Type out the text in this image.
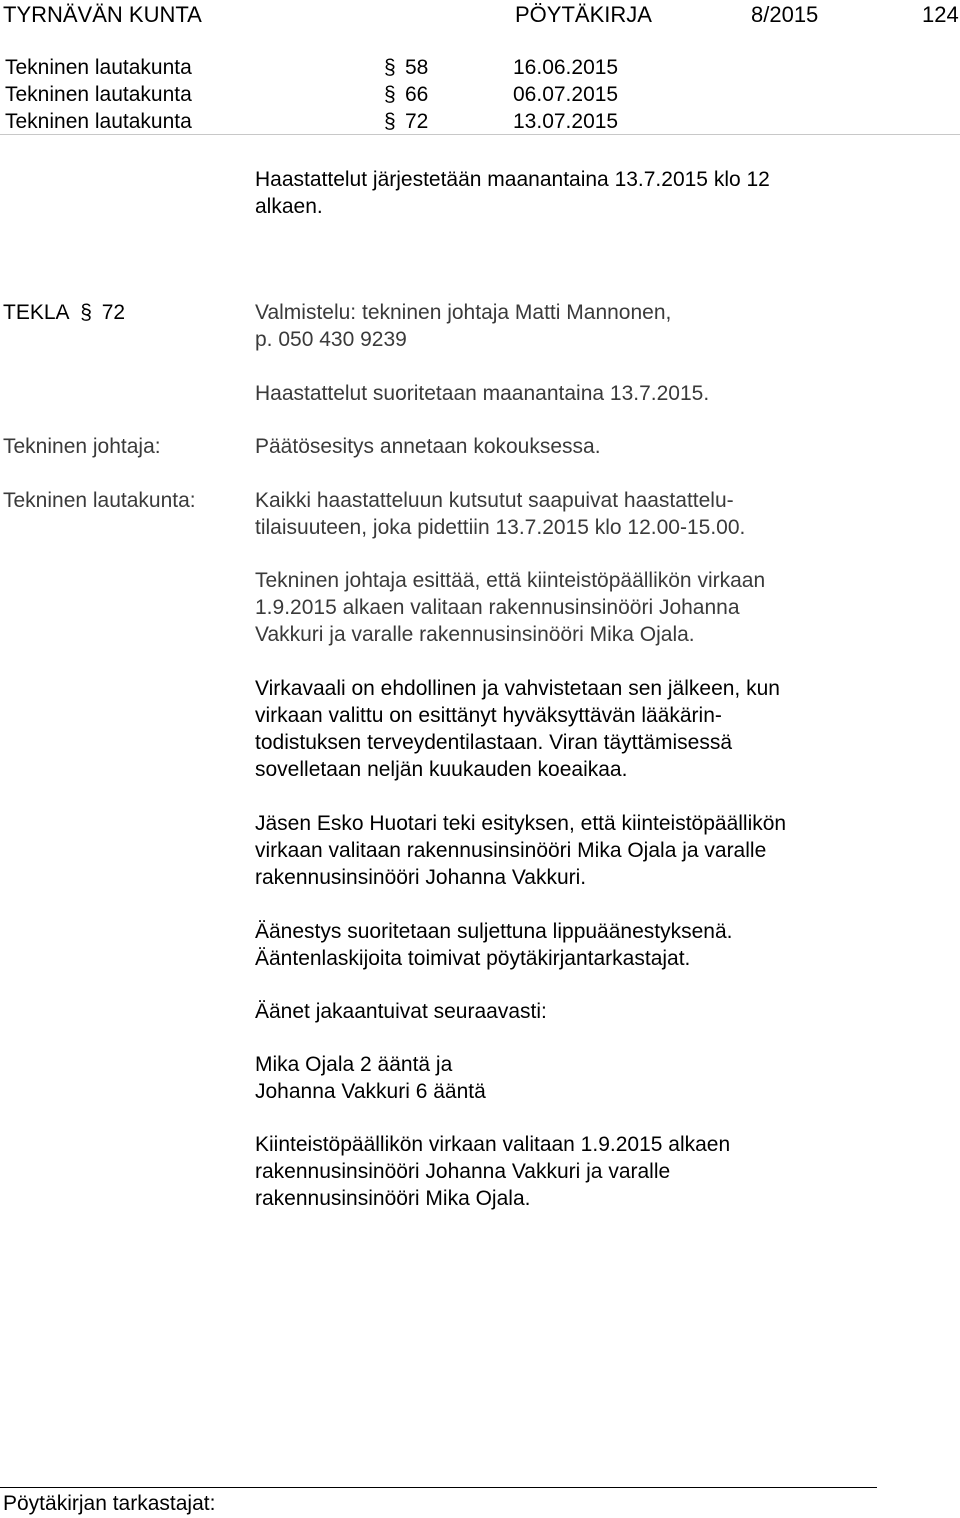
TYRNÄVÄN KUNTA	PÖYTÄKIRJA	8/2015	124
Tekninen lautakunta	§ 58	16.06.2015
Tekninen lautakunta	§ 66	06.07.2015
Tekninen lautakunta	§ 72	13.07.2015
Haastattelut järjestetään maanantaina 13.7.2015 klo 12
alkaen.
TEKLA § 72	Valmistelu: tekninen johtaja Matti Mannonen,
p. 050 430 9239
Haastattelut suoritetaan maanantaina 13.7.2015.
Tekninen johtaja:	Päätösesitys annetaan kokouksessa.
Tekninen lautakunta:	Kaikki haastatteluun kutsutut saapuivat haastattelu-
tilaisuuteen, joka pidettiin 13.7.2015 klo 12.00-15.00.
Tekninen johtaja esittää, että kiinteistöpäällikön virkaan
1.9.2015 alkaen valitaan rakennusinsinööri Johanna
Vakkuri ja varalle rakennusinsinööri Mika Ojala.
Virkavaali on ehdollinen ja vahvistetaan sen jälkeen, kun
virkaan valittu on esittänyt hyväksyttävän lääkärin-
todistuksen terveydentilastaan. Viran täyttämisessä
sovelletaan neljän kuukauden koeaikaa.
Jäsen Esko Huotari teki esityksen, että kiinteistöpäällikön
virkaan valitaan rakennusinsinööri Mika Ojala ja varalle
rakennusinsinööri Johanna Vakkuri.
Äänestys suoritetaan suljettuna lippuäänestyksenä.
Ääntenlaskijoita toimivat pöytäkirjantarkastajat.
Äänet jakaantuivat seuraavasti:
Mika Ojala 2 ääntä ja
Johanna Vakkuri 6 ääntä
Kiinteistöpäällikön virkaan valitaan 1.9.2015 alkaen
rakennusinsinööri Johanna Vakkuri ja varalle
rakennusinsinööri Mika Ojala.
Pöytäkirjan tarkastajat:
